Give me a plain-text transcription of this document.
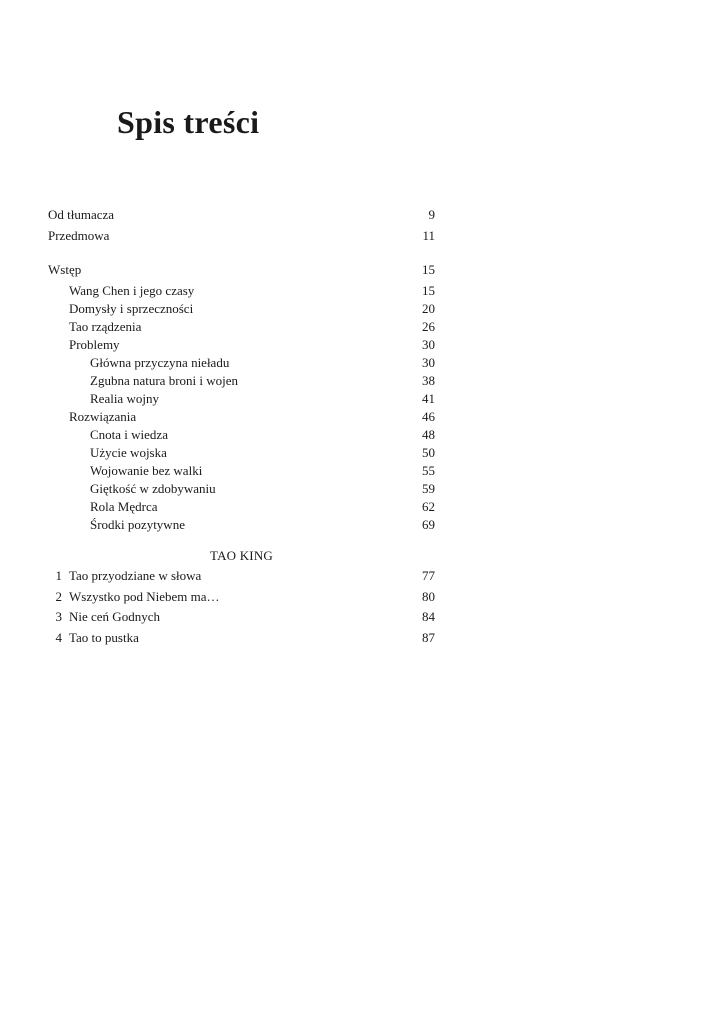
Spis treści
Od tłumacza	9
Przedmowa	11
Wstęp	15
Wang Chen i jego czasy	15
Domysły i sprzeczności	20
Tao rządzenia	26
Problemy	30
Główna przyczyna nieładu	30
Zgubna natura broni i wojen	38
Realia wojny	41
Rozwiązania	46
Cnota i wiedza	48
Użycie wojska	50
Wojowanie bez walki	55
Giętkość w zdobywaniu	59
Rola Mędrca	62
Środki pozytywne	69
TAO KING
1 Tao przyodziane w słowa	77
2 Wszystko pod Niebem ma…	80
3 Nie ceń Godnych	84
4 Tao to pustka	87
